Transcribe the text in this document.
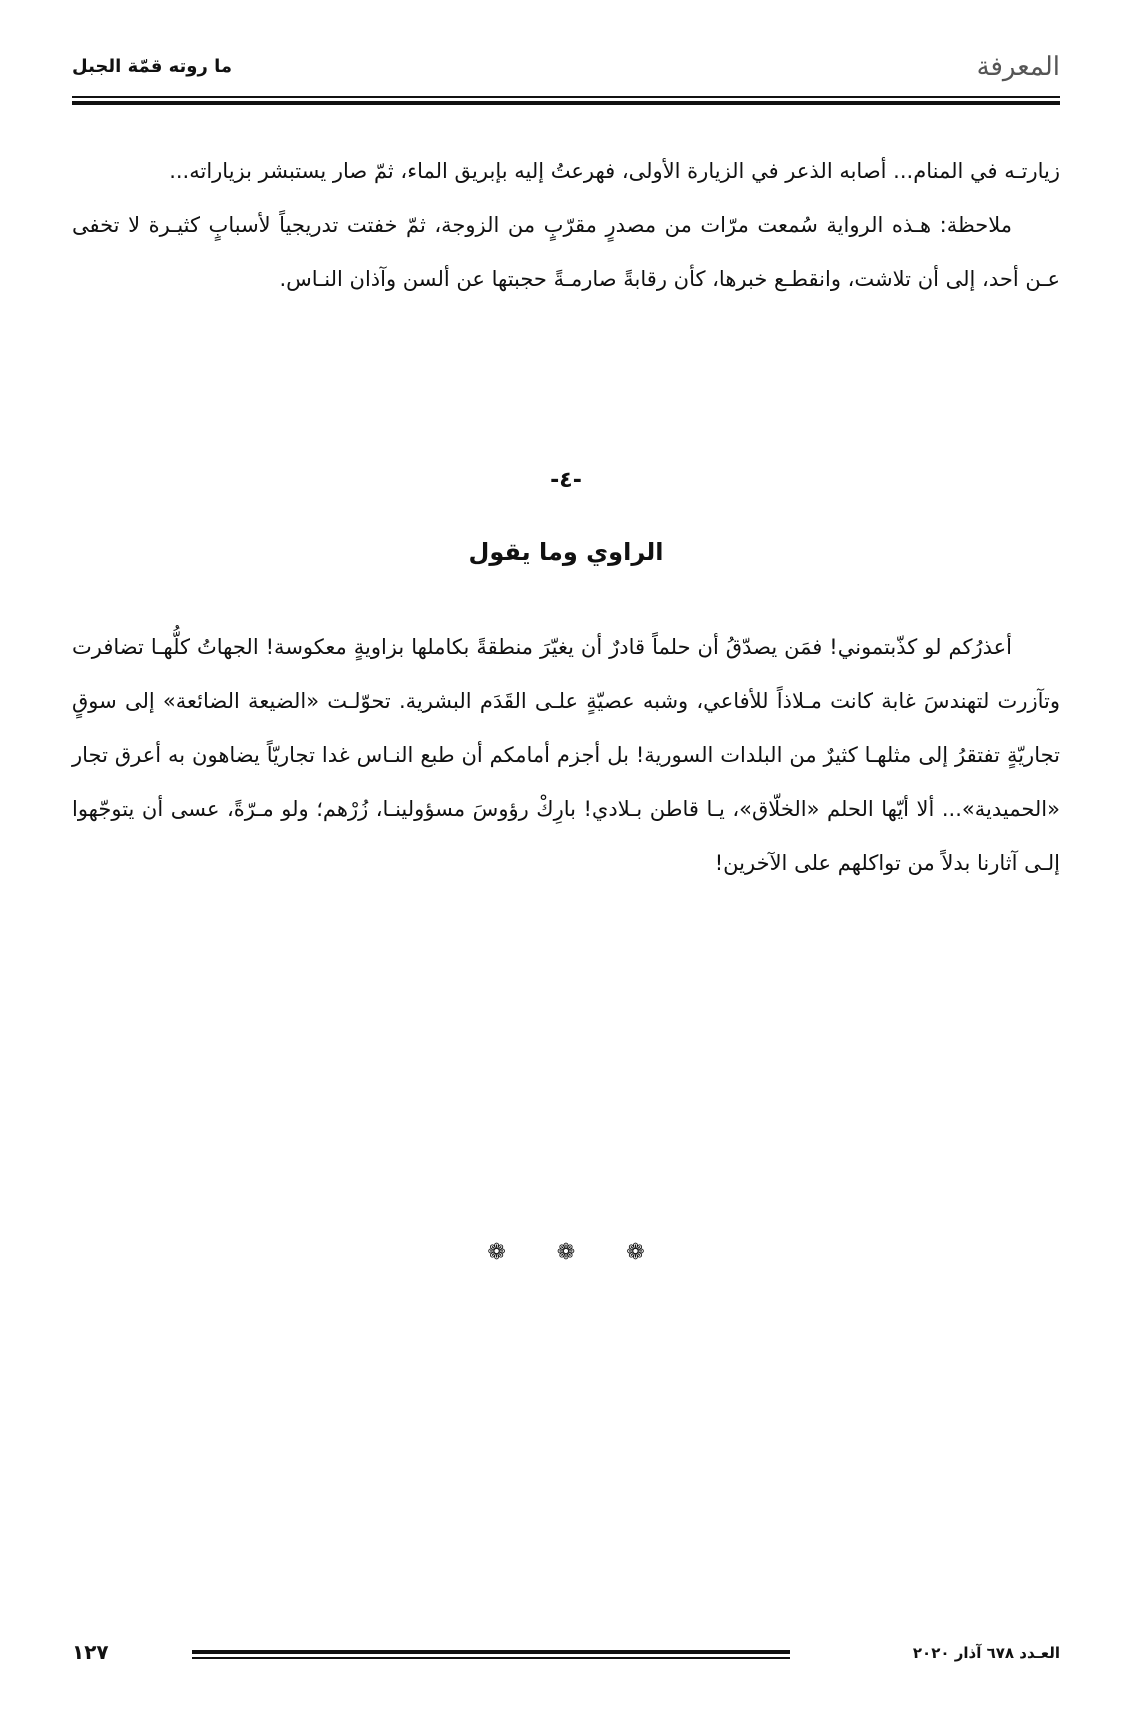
المعرفة
ما روته قمّة الجبل

زيارتـه في المنام... أصابه الذعر في الزيارة الأولى، فهرعتُ إليه بإبريق الماء، ثمّ صار يستبشر بزياراته...

ملاحظة: هـذه الرواية سُمعت مرّات من مصدرٍ مقرّبٍ من الزوجة، ثمّ خفتت تدريجياً لأسبابٍ كثيـرة لا تخفى عـن أحد، إلى أن تلاشت، وانقطـع خبرها، كأن رقابةً صارمـةً حجبتها عن ألسن وآذان النـاس.

-٤-
الراوي وما يقول

أعذرُكم لو كذّبتموني! فمَن يصدّقُ أن حلماً قادرٌ أن يغيّرَ منطقةً بكاملها بزاويةٍ معكوسة! الجهاتُ كلُّهـا تضافرت وتآزرت لتهندسَ غابة كانت مـلاذاً للأفاعي، وشبه عصيّةٍ علـى القَدَم البشرية. تحوّلـت «الضيعة الضائعة» إلى سوقٍ تجاريّةٍ تفتقرُ إلى مثلهـا كثيرٌ من البلدات السورية! بل أجزم أمامكم أن طبع النـاس غدا تجاريّاً يضاهون به أعرق تجار «الحميدية»... ألا أيّها الحلم «الخلّاق»، يـا قاطن بـلادي! بارِكْ رؤوسَ مسؤولينـا، زُرْهم؛ ولو مـرّةً، عسى أن يتوجّهوا إلـى آثارنا بدلاً من تواكلهم على الآخرين!

❁ ❁ ❁
١٢٧	العـدد ٦٧٨ آذار ٢٠٢٠
